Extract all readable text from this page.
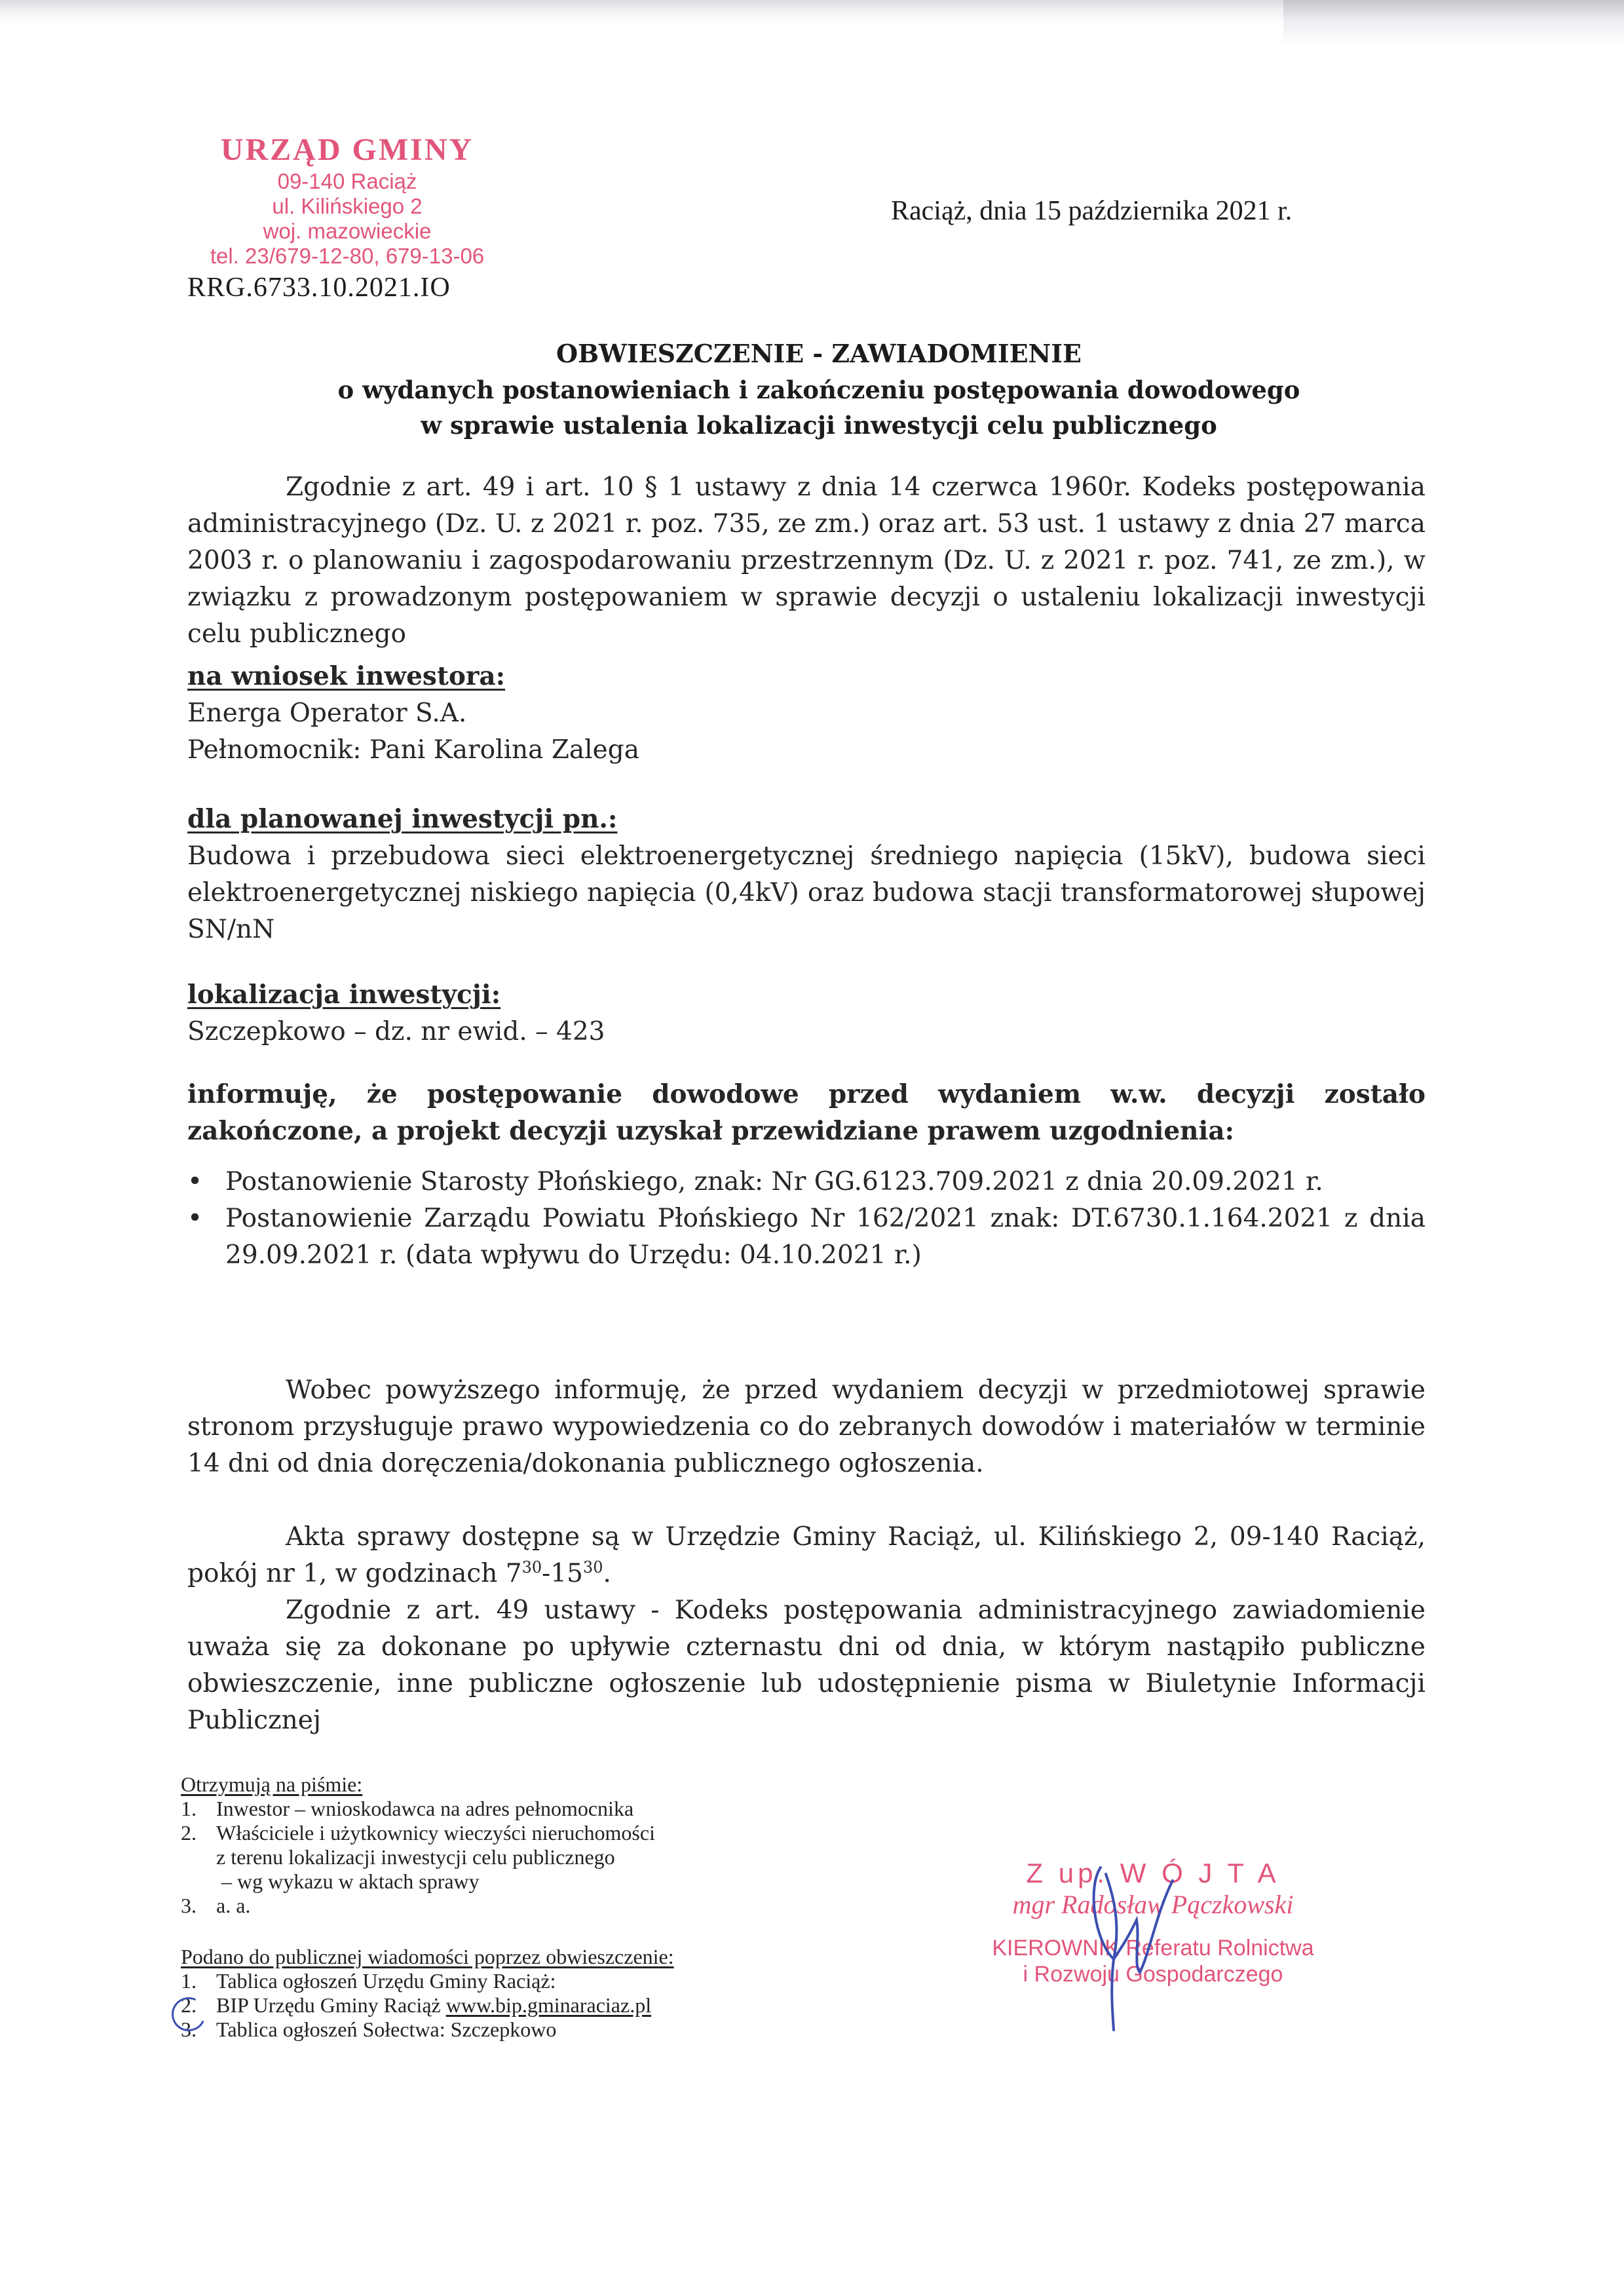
URZĄD GMINY
09-140 Raciąż
ul. Kilińskiego 2
woj. mazowieckie
tel. 23/679-12-80, 679-13-06
Raciąż, dnia 15 października 2021 r.
RRG.6733.10.2021.IO
OBWIESZCZENIE - ZAWIADOMIENIE
o wydanych postanowieniach i zakończeniu postępowania dowodowego
w sprawie ustalenia lokalizacji inwestycji celu publicznego
Zgodnie z art. 49 i art. 10 § 1 ustawy z dnia 14 czerwca 1960r. Kodeks postępowania administracyjnego (Dz. U. z 2021 r. poz. 735, ze zm.) oraz art. 53 ust. 1 ustawy z dnia 27 marca 2003 r. o planowaniu i zagospodarowaniu przestrzennym (Dz. U. z 2021 r. poz. 741, ze zm.), w związku z prowadzonym postępowaniem w sprawie decyzji o ustaleniu lokalizacji inwestycji celu publicznego
na wniosek inwestora:
Energa Operator S.A.
Pełnomocnik: Pani Karolina Zalega
dla planowanej inwestycji pn.:
Budowa i przebudowa sieci elektroenergetycznej średniego napięcia (15kV), budowa sieci elektroenergetycznej niskiego napięcia (0,4kV) oraz budowa stacji transformatorowej słupowej SN/nN
lokalizacja inwestycji:
Szczepkowo – dz. nr ewid. – 423
informuję, że postępowanie dowodowe przed wydaniem w.w. decyzji zostało zakończone, a projekt decyzji uzyskał przewidziane prawem uzgodnienia:
• Postanowienie Starosty Płońskiego, znak: Nr GG.6123.709.2021 z dnia 20.09.2021 r.
• Postanowienie Zarządu Powiatu Płońskiego Nr 162/2021 znak: DT.6730.1.164.2021 z dnia 29.09.2021 r. (data wpływu do Urzędu: 04.10.2021 r.)
Wobec powyższego informuję, że przed wydaniem decyzji w przedmiotowej sprawie stronom przysługuje prawo wypowiedzenia co do zebranych dowodów i materiałów w terminie 14 dni od dnia doręczenia/dokonania publicznego ogłoszenia.
Akta sprawy dostępne są w Urzędzie Gminy Raciąż, ul. Kilińskiego 2, 09-140 Raciąż, pokój nr 1, w godzinach $7^{30}-15^{30}$.
Zgodnie z art. 49 ustawy - Kodeks postępowania administracyjnego zawiadomienie uważa się za dokonane po upływie czternastu dni od dnia, w którym nastąpiło publiczne obwieszczenie, inne publiczne ogłoszenie lub udostępnienie pisma w Biuletynie Informacji Publicznej
Otrzymują na piśmie:
1. Inwestor – wnioskodawca na adres pełnomocnika
2. Właściciele i użytkownicy wieczyści nieruchomości
z terenu lokalizacji inwestycji celu publicznego
– wg wykazu w aktach sprawy
3. a. a.
Podano do publicznej wiadomości poprzez obwieszczenie:
1. Tablica ogłoszeń Urzędu Gminy Raciąż:
2. BIP Urzędu Gminy Raciąż www.bip.gminaraciaz.pl
3. Tablica ogłoszeń Sołectwa: Szczepkowo
Z up. W Ó J T A
mgr Radosław Pączkowski
KIEROWNIK Referatu Rolnictwa
i Rozwoju Gospodarczego
